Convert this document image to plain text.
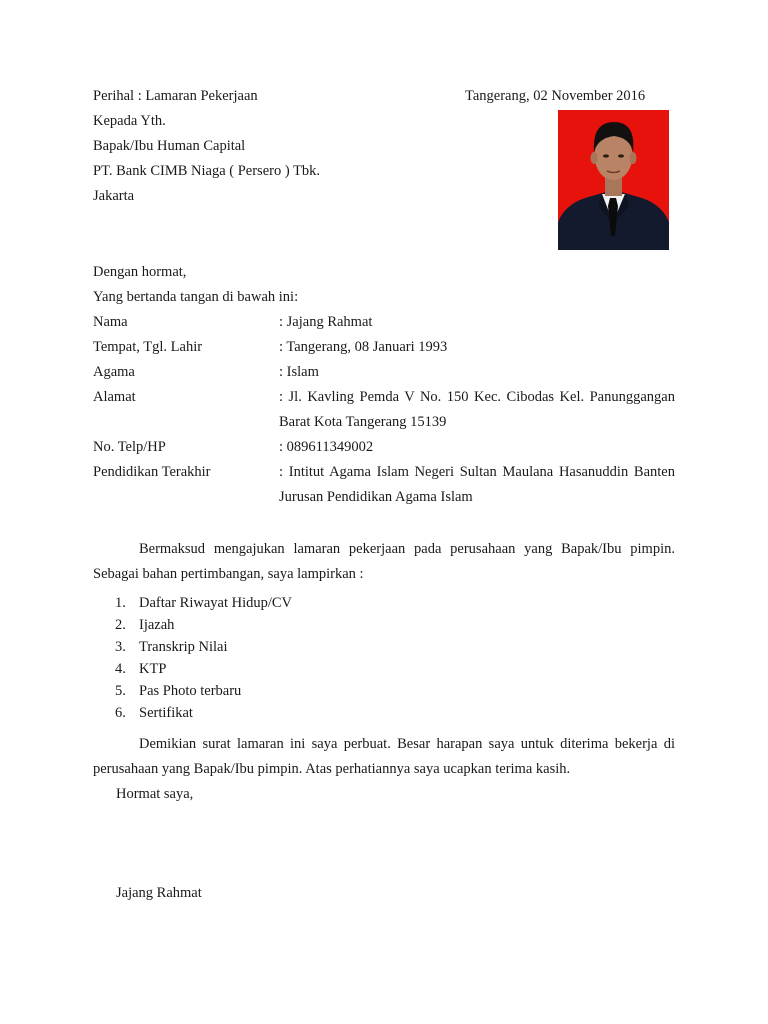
Perihal : Lamaran Pekerjaan	Tangerang, 02 November 2016
Kepada Yth.
Bapak/Ibu Human Capital
PT. Bank CIMB Niaga ( Persero ) Tbk.
Jakarta
Dengan hormat,
Yang bertanda tangan di bawah ini:
Nama	: Jajang Rahmat
Tempat, Tgl. Lahir	: Tangerang, 08 Januari 1993
Agama	: Islam
Alamat	: Jl. Kavling Pemda V No. 150 Kec. Cibodas Kel. Panunggangan Barat Kota Tangerang 15139
No. Telp/HP	: 089611349002
Pendidikan Terakhir	: Intitut Agama Islam Negeri Sultan Maulana Hasanuddin Banten Jurusan Pendidikan Agama Islam
Bermaksud mengajukan lamaran pekerjaan pada perusahaan yang Bapak/Ibu pimpin. Sebagai bahan pertimbangan, saya lampirkan :
1. Daftar Riwayat Hidup/CV
2. Ijazah
3. Transkrip Nilai
4. KTP
5. Pas Photo terbaru
6. Sertifikat
Demikian surat lamaran ini saya perbuat. Besar harapan saya untuk diterima bekerja di perusahaan yang Bapak/Ibu pimpin. Atas perhatiannya saya ucapkan terima kasih.
Hormat saya,
Jajang Rahmat
